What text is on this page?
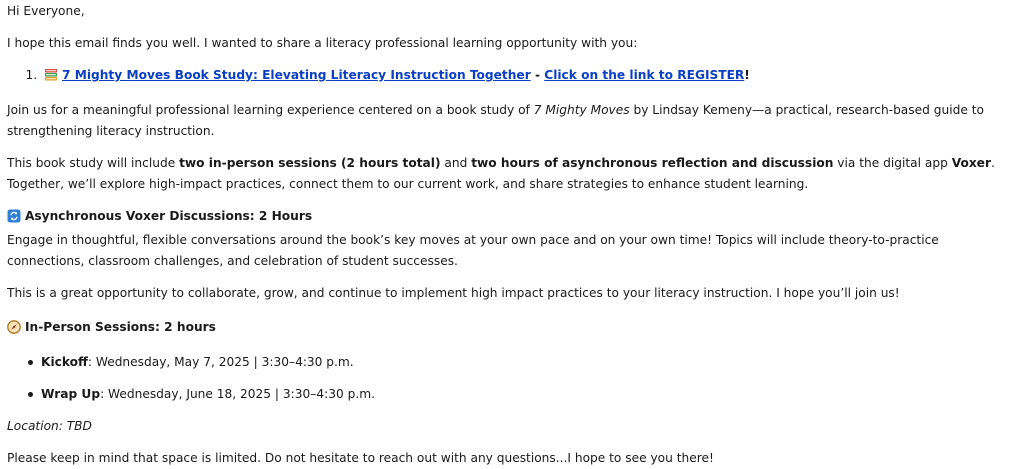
Hi Everyone,

I hope this email finds you well. I wanted to share a literacy professional learning opportunity with you:

1. 7 Mighty Moves Book Study: Elevating Literacy Instruction Together - Click on the link to REGISTER!

Join us for a meaningful professional learning experience centered on a book study of 7 Mighty Moves by Lindsay Kemeny—a practical, research-based guide to strengthening literacy instruction.

This book study will include two in-person sessions (2 hours total) and two hours of asynchronous reflection and discussion via the digital app Voxer. Together, we’ll explore high-impact practices, connect them to our current work, and share strategies to enhance student learning.

Asynchronous Voxer Discussions: 2 Hours

Engage in thoughtful, flexible conversations around the book’s key moves at your own pace and on your own time! Topics will include theory-to-practice connections, classroom challenges, and celebration of student successes.

This is a great opportunity to collaborate, grow, and continue to implement high impact practices to your literacy instruction. I hope you’ll join us!

In-Person Sessions: 2 hours

Kickoff: Wednesday, May 7, 2025 | 3:30–4:30 p.m.
Wrap Up: Wednesday, June 18, 2025 | 3:30–4:30 p.m.

Location: TBD

Please keep in mind that space is limited. Do not hesitate to reach out with any questions...I hope to see you there!
